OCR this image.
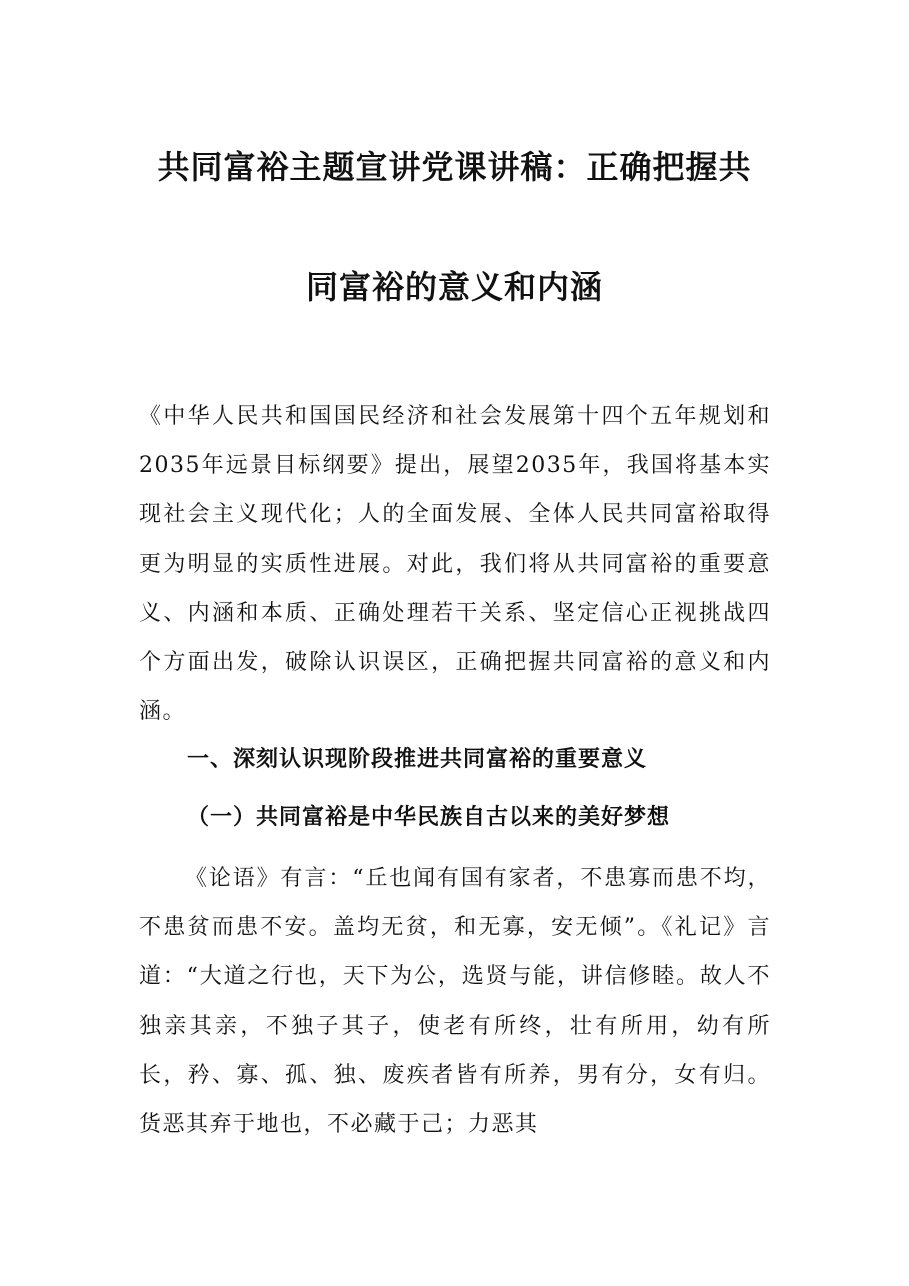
共同富裕主题宣讲党课讲稿：正确把握共
同富裕的意义和内涵

《中华人民共和国国民经济和社会发展第十四个五年规划和2035年远景目标纲要》提出，展望2035年，我国将基本实现社会主义现代化；人的全面发展、全体人民共同富裕取得更为明显的实质性进展。对此，我们将从共同富裕的重要意义、内涵和本质、正确处理若干关系、坚定信心正视挑战四个方面出发，破除认识误区，正确把握共同富裕的意义和内涵。

一、深刻认识现阶段推进共同富裕的重要意义
（一）共同富裕是中华民族自古以来的美好梦想

《论语》有言：“丘也闻有国有家者，不患寡而患不均，不患贫而患不安。盖均无贫，和无寡，安无倾”。《礼记》言道：“大道之行也，天下为公，选贤与能，讲信修睦。故人不独亲其亲，不独子其子，使老有所终，壮有所用，幼有所长，矜、寡、孤、独、废疾者皆有所养，男有分，女有归。货恶其弃于地也，不必藏于己；力恶其
